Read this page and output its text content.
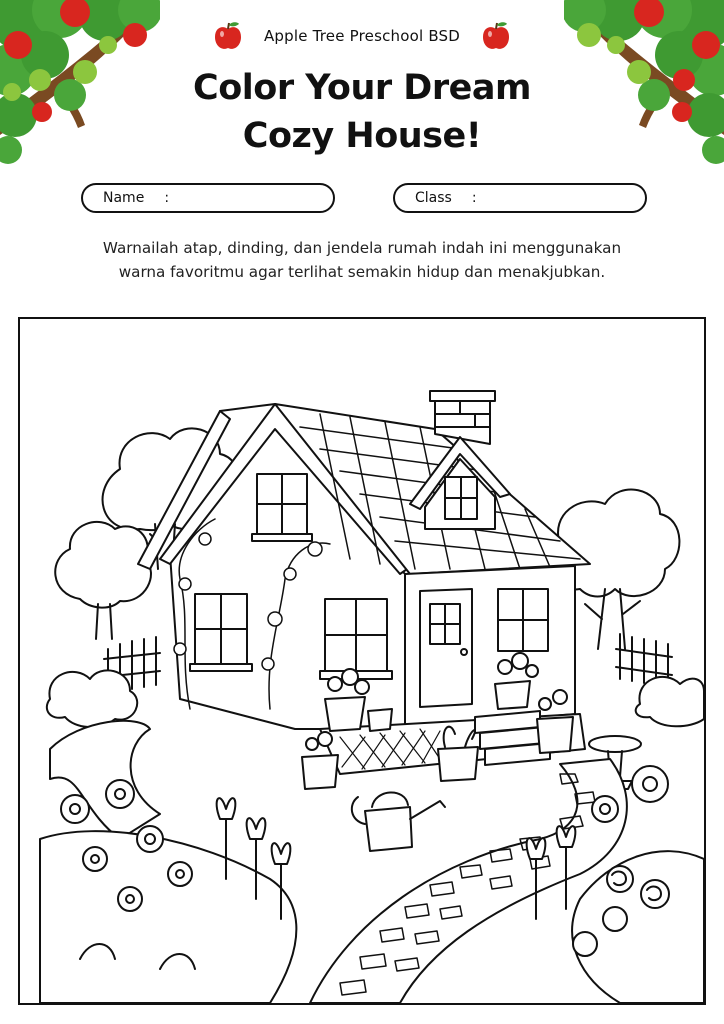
Apple Tree Preschool BSD
Color Your Dream
Cozy House!
Name :	Class :
Warnailah atap, dinding, dan jendela rumah indah ini menggunakan
warna favoritmu agar terlihat semakin hidup dan menakjubkan.
